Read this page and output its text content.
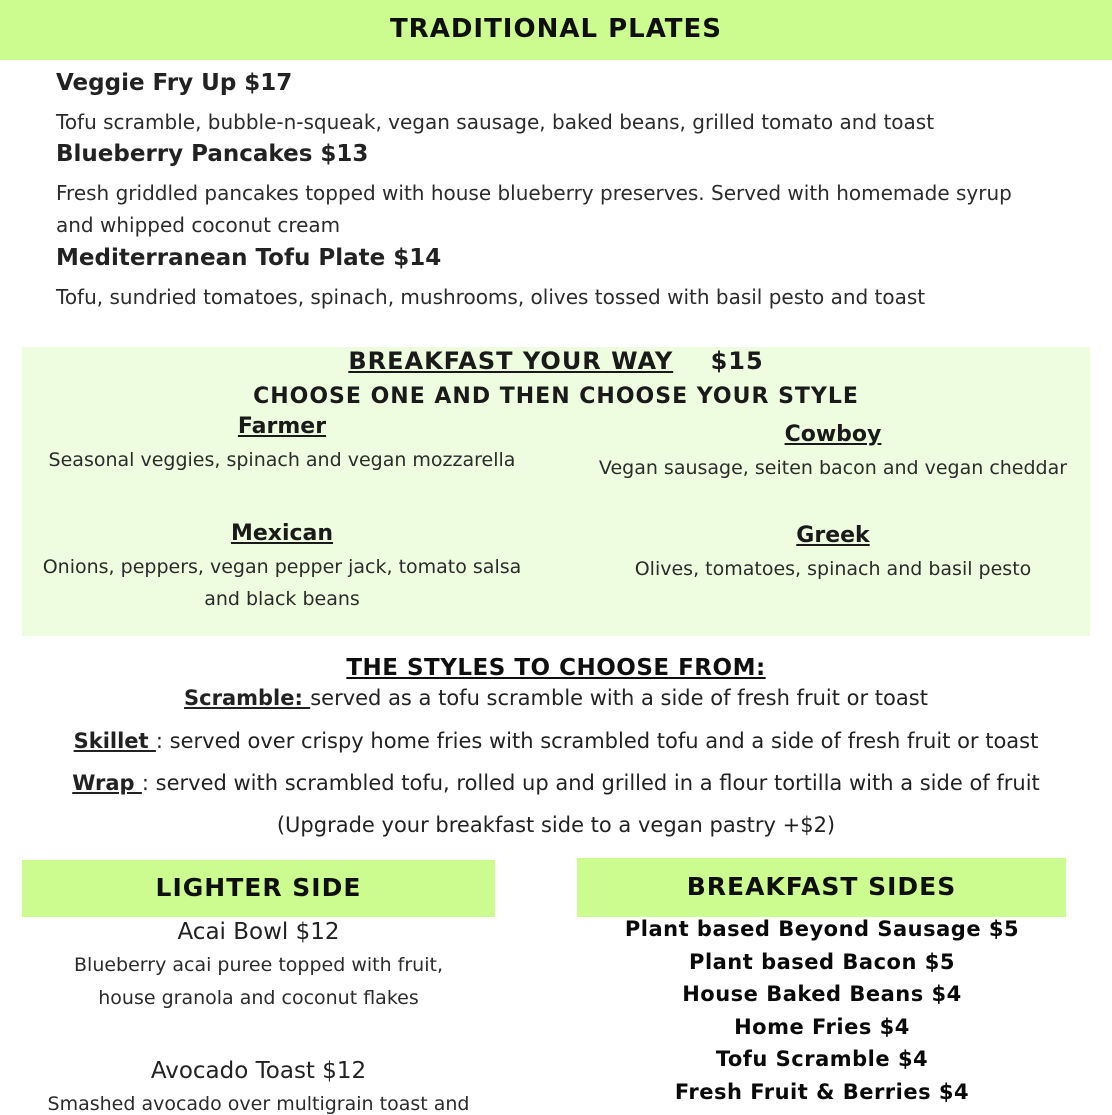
TRADITIONAL PLATES
Veggie Fry Up $17
Tofu scramble, bubble-n-squeak, vegan sausage, baked beans, grilled tomato and toast
Blueberry Pancakes $13
Fresh griddled pancakes topped with house blueberry preserves. Served with homemade syrup
and whipped coconut cream
Mediterranean Tofu Plate $14
Tofu, sundried tomatoes, spinach, mushrooms, olives tossed with basil pesto and toast
BREAKFAST YOUR WAY $15
CHOOSE ONE AND THEN CHOOSE YOUR STYLE
Farmer
Seasonal veggies, spinach and vegan mozzarella
Cowboy
Vegan sausage, seiten bacon and vegan cheddar
Mexican
Onions, peppers, vegan pepper jack, tomato salsa
and black beans
Greek
Olives, tomatoes, spinach and basil pesto
THE STYLES TO CHOOSE FROM:
Scramble: served as a tofu scramble with a side of fresh fruit or toast
Skillet : served over crispy home fries with scrambled tofu and a side of fresh fruit or toast
Wrap : served with scrambled tofu, rolled up and grilled in a flour tortilla with a side of fruit
(Upgrade your breakfast side to a vegan pastry +$2)
LIGHTER SIDE
Acai Bowl $12
Blueberry acai puree topped with fruit,
house granola and coconut flakes
Avocado Toast $12
Smashed avocado over multigrain toast and
BREAKFAST SIDES
Plant based Beyond Sausage $5
Plant based Bacon $5
House Baked Beans $4
Home Fries $4
Tofu Scramble $4
Fresh Fruit & Berries $4
